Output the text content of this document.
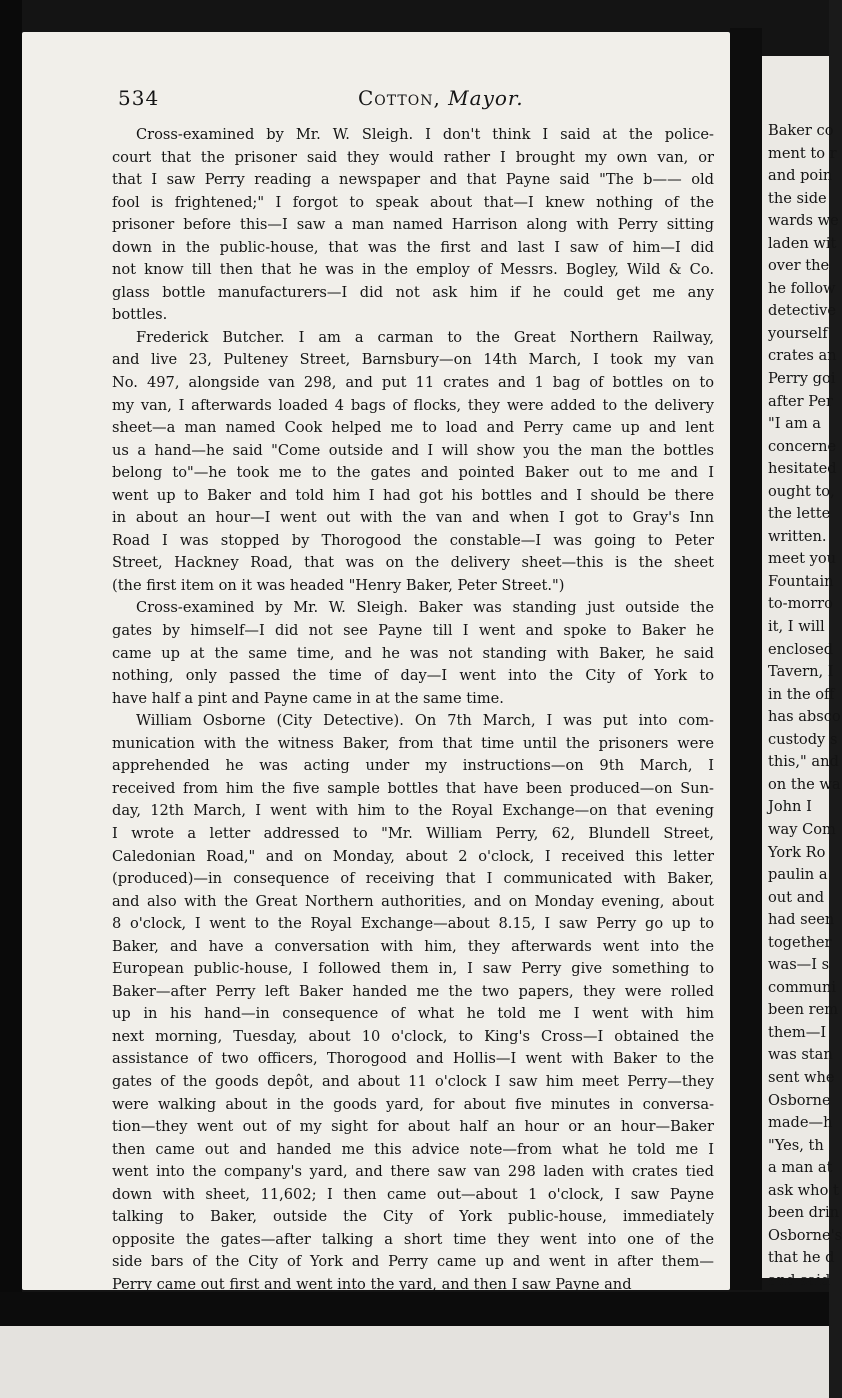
534	Cotton, Mayor.
Cross-examined by Mr. W. Sleigh. I don't think I said at the police-
court that the prisoner said they would rather I brought my own van, or
that I saw Perry reading a newspaper and that Payne said "The b—— old
fool is frightened;" I forgot to speak about that—I knew nothing of the
prisoner before this—I saw a man named Harrison along with Perry sitting
down in the public-house, that was the first and last I saw of him—I did
not know till then that he was in the employ of Messrs. Bogley, Wild & Co.
glass bottle manufacturers—I did not ask him if he could get me any
bottles.
Frederick Butcher. I am a carman to the Great Northern Railway,
and live 23, Pulteney Street, Barnsbury—on 14th March, I took my van
No. 497, alongside van 298, and put 11 crates and 1 bag of bottles on to
my van, I afterwards loaded 4 bags of flocks, they were added to the delivery
sheet—a man named Cook helped me to load and Perry came up and lent
us a hand—he said "Come outside and I will show you the man the bottles
belong to"—he took me to the gates and pointed Baker out to me and I
went up to Baker and told him I had got his bottles and I should be there
in about an hour—I went out with the van and when I got to Gray's Inn
Road I was stopped by Thorogood the constable—I was going to Peter
Street, Hackney Road, that was on the delivery sheet—this is the sheet
(the first item on it was headed "Henry Baker, Peter Street.")
Cross-examined by Mr. W. Sleigh. Baker was standing just outside the
gates by himself—I did not see Payne till I went and spoke to Baker he
came up at the same time, and he was not standing with Baker, he said
nothing, only passed the time of day—I went into the City of York to
have half a pint and Payne came in at the same time.
William Osborne (City Detective). On 7th March, I was put into com-
munication with the witness Baker, from that time until the prisoners were
apprehended he was acting under my instructions—on 9th March, I
received from him the five sample bottles that have been produced—on Sun-
day, 12th March, I went with him to the Royal Exchange—on that evening
I wrote a letter addressed to "Mr. William Perry, 62, Blundell Street,
Caledonian Road," and on Monday, about 2 o'clock, I received this letter
(produced)—in consequence of receiving that I communicated with Baker,
and also with the Great Northern authorities, and on Monday evening, about
8 o'clock, I went to the Royal Exchange—about 8.15, I saw Perry go up to
Baker, and have a conversation with him, they afterwards went into the
European public-house, I followed them in, I saw Perry give something to
Baker—after Perry left Baker handed me the two papers, they were rolled
up in his hand—in consequence of what he told me I went with him
next morning, Tuesday, about 10 o'clock, to King's Cross—I obtained the
assistance of two officers, Thorogood and Hollis—I went with Baker to the
gates of the goods depôt, and about 11 o'clock I saw him meet Perry—they
were walking about in the goods yard, for about five minutes in conversa-
tion—they went out of my sight for about half an hour or an hour—Baker
then came out and handed me this advice note—from what he told me I
went into the company's yard, and there saw van 298 laden with crates tied
down with sheet, 11,602; I then came out—about 1 o'clock, I saw Payne
talking to Baker, outside the City of York public-house, immediately
opposite the gates—after talking a short time they went into one of the
side bars of the City of York and Perry came up and went in after them—
Perry came out first and went into the yard, and then I saw Payne and
Baker co
ment to r
and poin
the side
wards we
laden wit
over the
he follow
detective
yourself
crates an
Perry goi
after Per
"I am a
concerne
hesitated
ought to,
the lette
written.
meet you
Fountain
to-morro
it, I will
enclosed
Tavern, I
in the off
has absco
custody s
this," and
on the wa
John I
way Com
York Ro
paulin a
out and
had seen
together
was—I s
communi
been rem
them—I
was stan
sent whe
Osborne
made—h
"Yes, th
a man at
ask who t
been drin
Osborne's
that he d
and said
